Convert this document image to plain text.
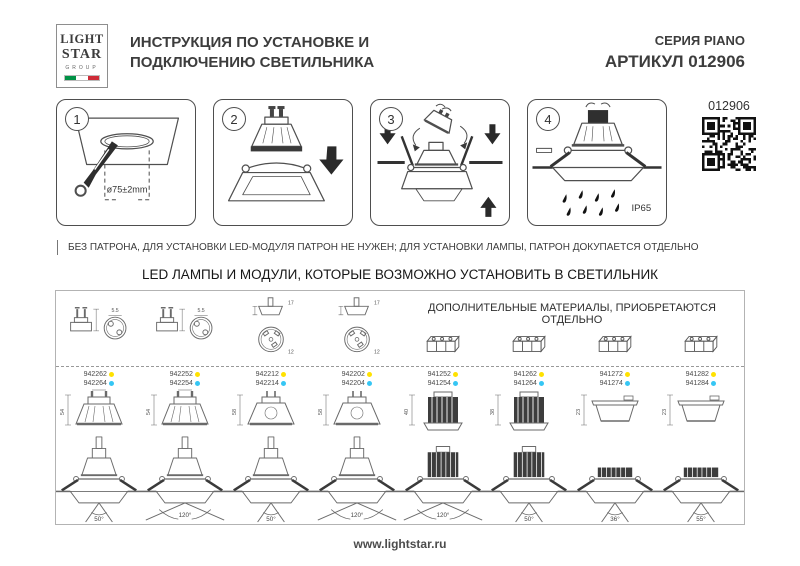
LIGHT
STAR
GROUP
ИНСТРУКЦИЯ ПО УСТАНОВКЕ И
ПОДКЛЮЧЕНИЮ СВЕТИЛЬНИКА
СЕРИЯ PIANO
АРТИКУЛ 012906
1
ø75±2mm
2	3	4
IP65
012906
БЕЗ ПАТРОНА, ДЛЯ УСТАНОВКИ LED-МОДУЛЯ ПАТРОН НЕ НУЖЕН; ДЛЯ УСТАНОВКИ ЛАМПЫ, ПАТРОН ДОКУПАЕТСЯ ОТДЕЛЬНО
LED ЛАМПЫ И МОДУЛИ, КОТОРЫЕ ВОЗМОЖНО УСТАНОВИТЬ В СВЕТИЛЬНИК
5.5	5.5
17
12
17
12
ДОПОЛНИТЕЛЬНЫЕ МАТЕРИАЛЫ, ПРИОБРЕТАЮТСЯ ОТДЕЛЬНО
942262
942264
54
50°
942252
942254
54
120°
942212
942214
58
50°
942202
942204
58
120°
941252
941254
40
120°
941262
941264
38
50°
941272
941274
23
36°
941282
941284
23
55°
www.lightstar.ru
